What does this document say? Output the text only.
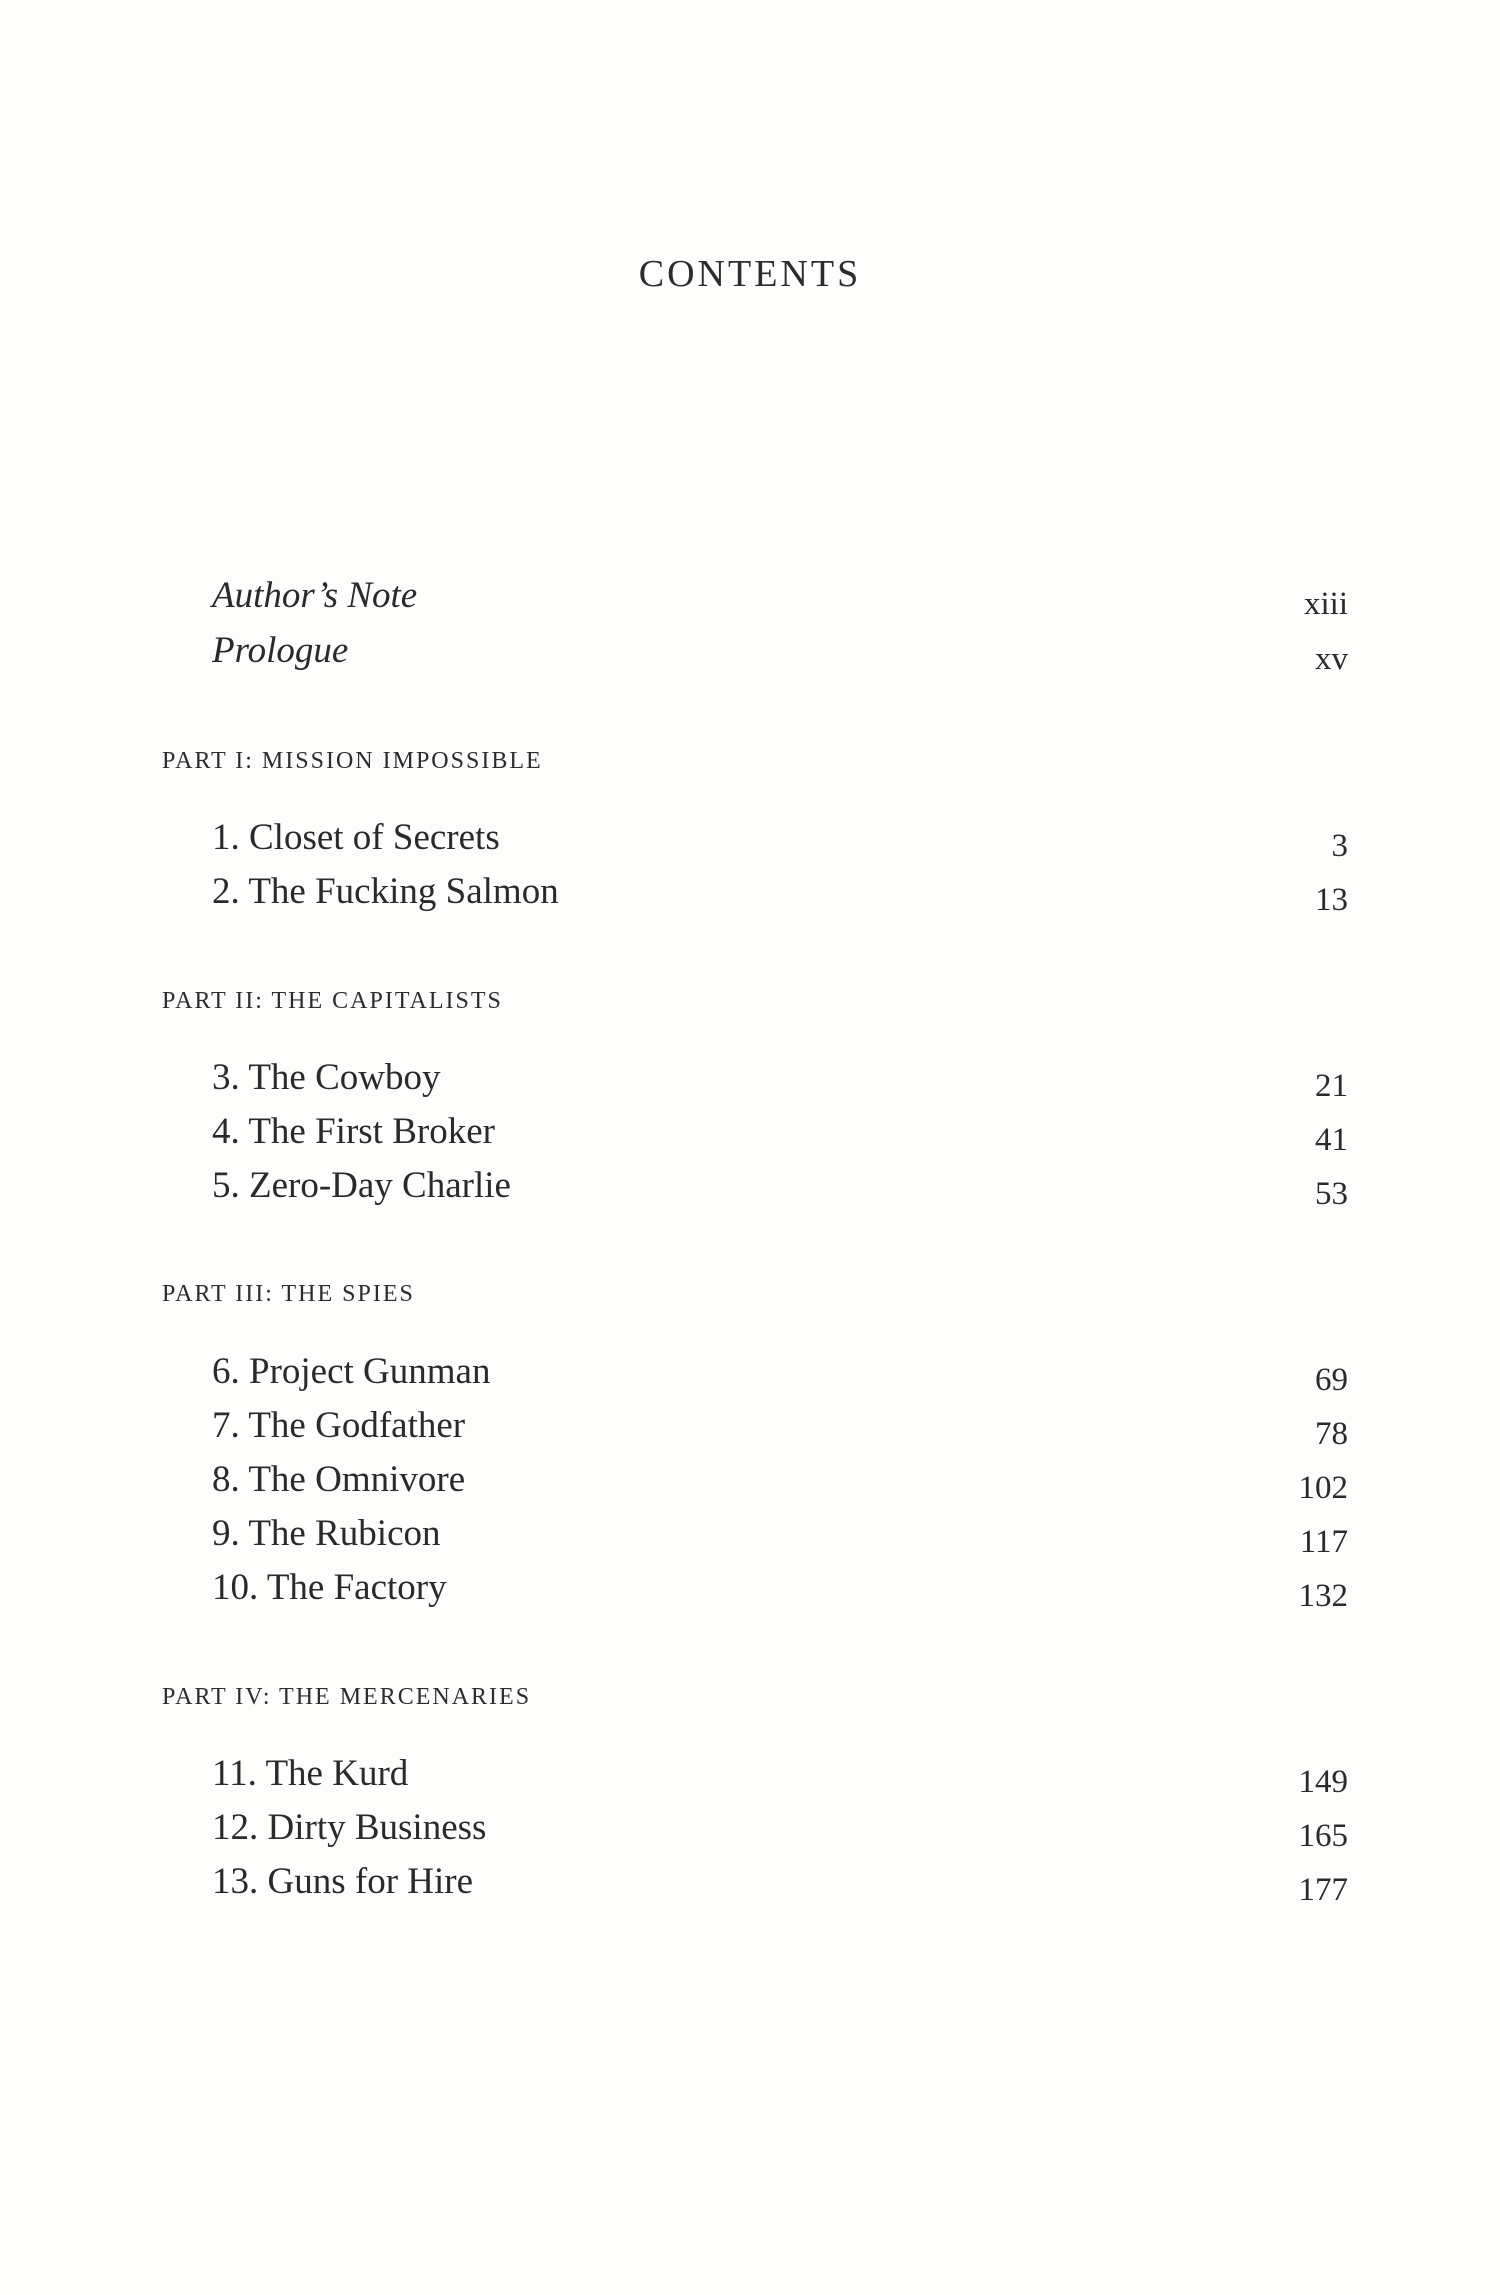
CONTENTS
Author’s Note	xiii
Prologue	xv
PART I: MISSION IMPOSSIBLE
1. Closet of Secrets	3
2. The Fucking Salmon	13
PART II: THE CAPITALISTS
3. The Cowboy	21
4. The First Broker	41
5. Zero-Day Charlie	53
PART III: THE SPIES
6. Project Gunman	69
7. The Godfather	78
8. The Omnivore	102
9. The Rubicon	117
10. The Factory	132
PART IV: THE MERCENARIES
11. The Kurd	149
12. Dirty Business	165
13. Guns for Hire	177
